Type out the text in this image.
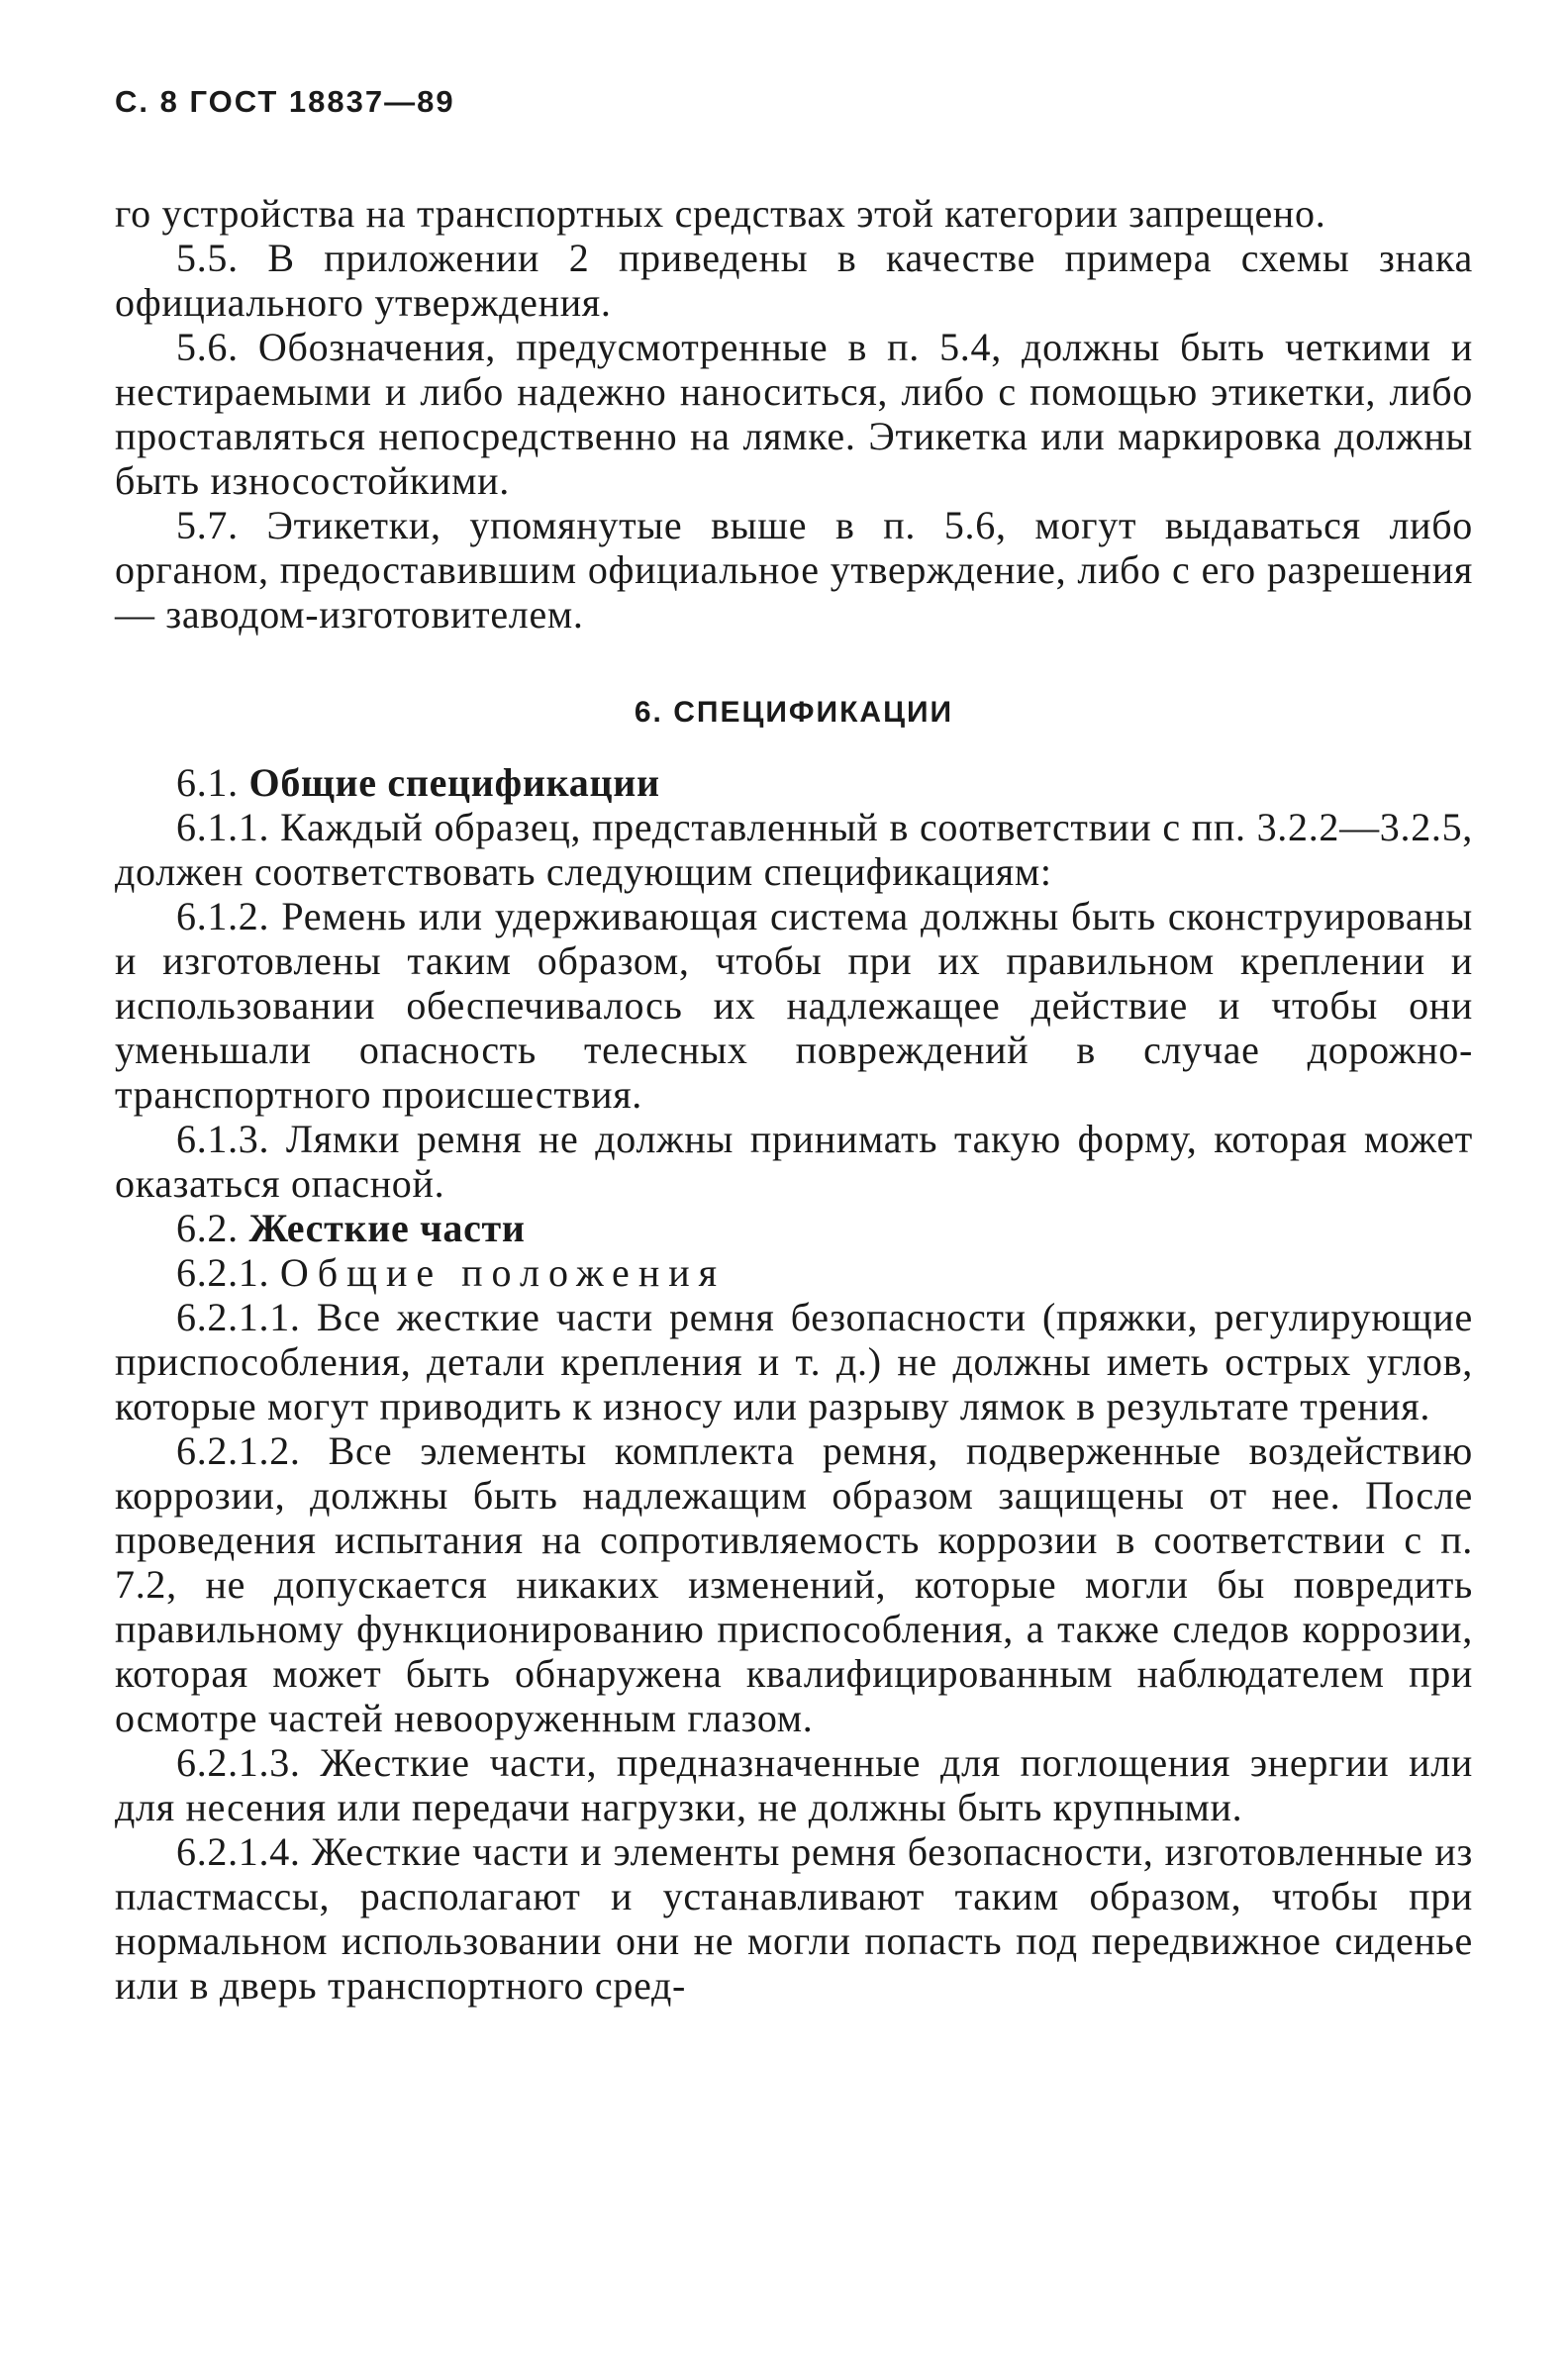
С. 8 ГОСТ 18837—89

го устройства на транспортных средствах этой категории запрещено.

5.5. В приложении 2 приведены в качестве примера схемы знака официального утверждения.

5.6. Обозначения, предусмотренные в п. 5.4, должны быть четкими и нестираемыми и либо надежно наноситься, либо с помощью этикетки, либо проставляться непосредственно на лямке. Этикетка или маркировка должны быть износостойкими.

5.7. Этикетки, упомянутые выше в п. 5.6, могут выдаваться либо органом, предоставившим официальное утверждение, либо с его разрешения — заводом-изготовителем.

6. СПЕЦИФИКАЦИИ

6.1. Общие спецификации

6.1.1. Каждый образец, представленный в соответствии с пп. 3.2.2—3.2.5, должен соответствовать следующим спецификациям:

6.1.2. Ремень или удерживающая система должны быть сконструированы и изготовлены таким образом, чтобы при их правильном креплении и использовании обеспечивалось их надлежащее действие и чтобы они уменьшали опасность телесных повреждений в случае дорожно-транспортного происшествия.

6.1.3. Лямки ремня не должны принимать такую форму, которая может оказаться опасной.

6.2. Жесткие части

6.2.1. Общие положения

6.2.1.1. Все жесткие части ремня безопасности (пряжки, регулирующие приспособления, детали крепления и т. д.) не должны иметь острых углов, которые могут приводить к износу или разрыву лямок в результате трения.

6.2.1.2. Все элементы комплекта ремня, подверженные воздействию коррозии, должны быть надлежащим образом защищены от нее. После проведения испытания на сопротивляемость коррозии в соответствии с п. 7.2, не допускается никаких изменений, которые могли бы повредить правильному функционированию приспособления, а также следов коррозии, которая может быть обнаружена квалифицированным наблюдателем при осмотре частей невооруженным глазом.

6.2.1.3. Жесткие части, предназначенные для поглощения энергии или для несения или передачи нагрузки, не должны быть крупными.

6.2.1.4. Жесткие части и элементы ремня безопасности, изготовленные из пластмассы, располагают и устанавливают таким образом, чтобы при нормальном использовании они не могли попасть под передвижное сиденье или в дверь транспортного сред-
